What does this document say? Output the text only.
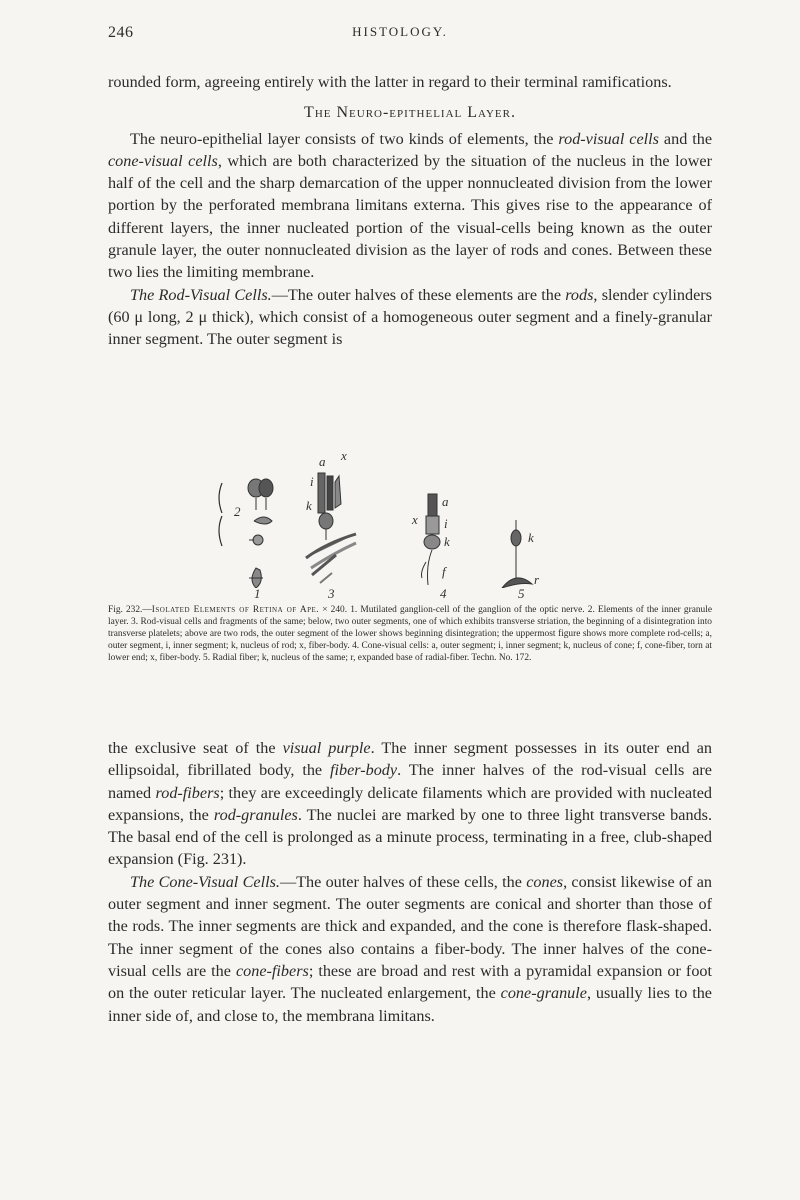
246	HISTOLOGY.

rounded form, agreeing entirely with the latter in regard to their terminal ramifications.

The Neuro-epithelial Layer.

The neuro-epithelial layer consists of two kinds of elements, the rod-visual cells and the cone-visual cells, which are both characterized by the situation of the nucleus in the lower half of the cell and the sharp demarcation of the upper nonnucleated division from the lower portion by the perforated membrana limitans externa. This gives rise to the appearance of different layers, the inner nucleated portion of the visual-cells being known as the outer granule layer, the outer nonnucleated division as the layer of rods and cones. Between these two lies the limiting membrane.

The Rod-Visual Cells.—The outer halves of these elements are the rods, slender cylinders (60 μ long, 2 μ thick), which consist of a homogeneous outer segment and a finely-granular inner segment. The outer segment is

2
a x
i
k	a
x i
k
f
k
r
1	3	4	5
Fig. 232.—Isolated Elements of Retina of Ape. × 240. 1. Mutilated ganglion-cell of the ganglion of the optic nerve. 2. Elements of the inner granule layer. 3. Rod-visual cells and fragments of the same; below, two outer segments, one of which exhibits transverse striation, the beginning of a disintegration into transverse platelets; above are two rods, the outer segment of the lower shows beginning disintegration; the uppermost figure shows more complete rod-cells; a, outer segment, i, inner segment; k, nucleus of rod; x, fiber-body. 4. Cone-visual cells: a, outer segment; i, inner segment; k, nucleus of cone; f, cone-fiber, torn at lower end; x, fiber-body. 5. Radial fiber; k, nucleus of the same; r, expanded base of radial-fiber. Techn. No. 172.

the exclusive seat of the visual purple. The inner segment possesses in its outer end an ellipsoidal, fibrillated body, the fiber-body. The inner halves of the rod-visual cells are named rod-fibers; they are exceedingly delicate filaments which are provided with nucleated expansions, the rod-granules. The nuclei are marked by one to three light transverse bands. The basal end of the cell is prolonged as a minute process, terminating in a free, club-shaped expansion (Fig. 231).

The Cone-Visual Cells.—The outer halves of these cells, the cones, consist likewise of an outer segment and inner segment. The outer segments are conical and shorter than those of the rods. The inner segments are thick and expanded, and the cone is therefore flask-shaped. The inner segment of the cones also contains a fiber-body. The inner halves of the cone-visual cells are the cone-fibers; these are broad and rest with a pyramidal expansion or foot on the outer reticular layer. The nucleated enlargement, the cone-granule, usually lies to the inner side of, and close to, the membrana limitans.
